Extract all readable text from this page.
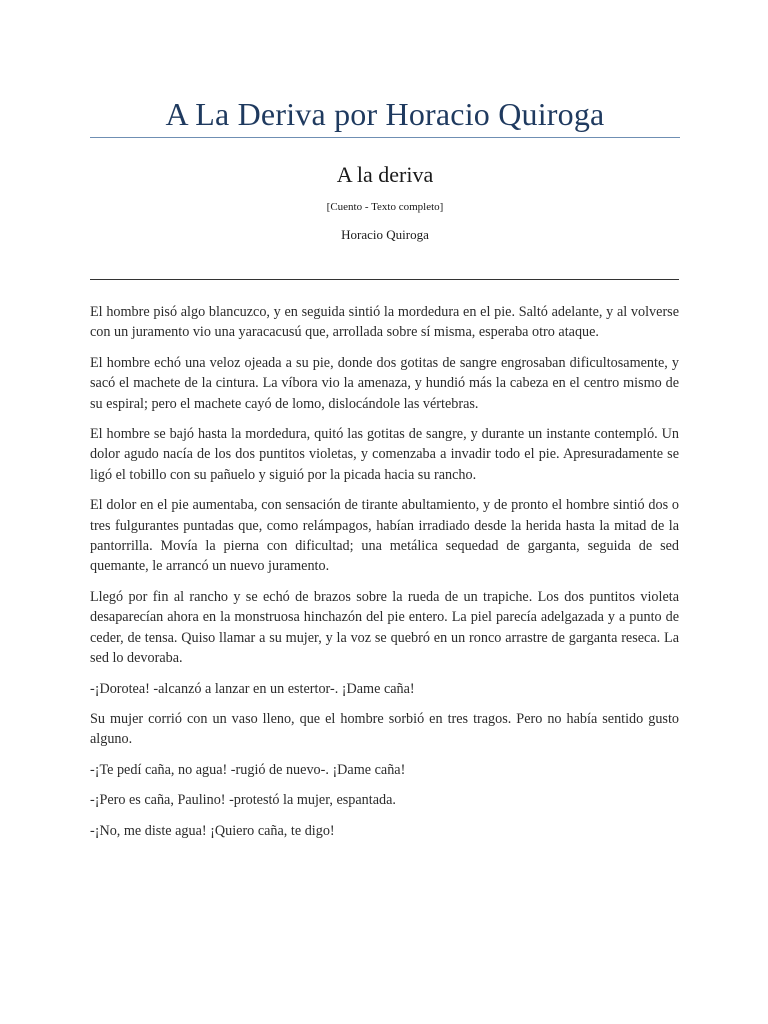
A La Deriva por Horacio Quiroga
A la deriva
[Cuento - Texto completo]
Horacio Quiroga

El hombre pisó algo blancuzco, y en seguida sintió la mordedura en el pie. Saltó adelante, y al volverse con un juramento vio una yaracacusú que, arrollada sobre sí misma, esperaba otro ataque.

El hombre echó una veloz ojeada a su pie, donde dos gotitas de sangre engrosaban dificultosamente, y sacó el machete de la cintura. La víbora vio la amenaza, y hundió más la cabeza en el centro mismo de su espiral; pero el machete cayó de lomo, dislocándole las vértebras.

El hombre se bajó hasta la mordedura, quitó las gotitas de sangre, y durante un instante contempló. Un dolor agudo nacía de los dos puntitos violetas, y comenzaba a invadir todo el pie. Apresuradamente se ligó el tobillo con su pañuelo y siguió por la picada hacia su rancho.

El dolor en el pie aumentaba, con sensación de tirante abultamiento, y de pronto el hombre sintió dos o tres fulgurantes puntadas que, como relámpagos, habían irradiado desde la herida hasta la mitad de la pantorrilla. Movía la pierna con dificultad; una metálica sequedad de garganta, seguida de sed quemante, le arrancó un nuevo juramento.

Llegó por fin al rancho y se echó de brazos sobre la rueda de un trapiche. Los dos puntitos violeta desaparecían ahora en la monstruosa hinchazón del pie entero. La piel parecía adelgazada y a punto de ceder, de tensa. Quiso llamar a su mujer, y la voz se quebró en un ronco arrastre de garganta reseca. La sed lo devoraba.

-¡Dorotea! -alcanzó a lanzar en un estertor-. ¡Dame caña!

Su mujer corrió con un vaso lleno, que el hombre sorbió en tres tragos. Pero no había sentido gusto alguno.

-¡Te pedí caña, no agua! -rugió de nuevo-. ¡Dame caña!

-¡Pero es caña, Paulino! -protestó la mujer, espantada.

-¡No, me diste agua! ¡Quiero caña, te digo!
